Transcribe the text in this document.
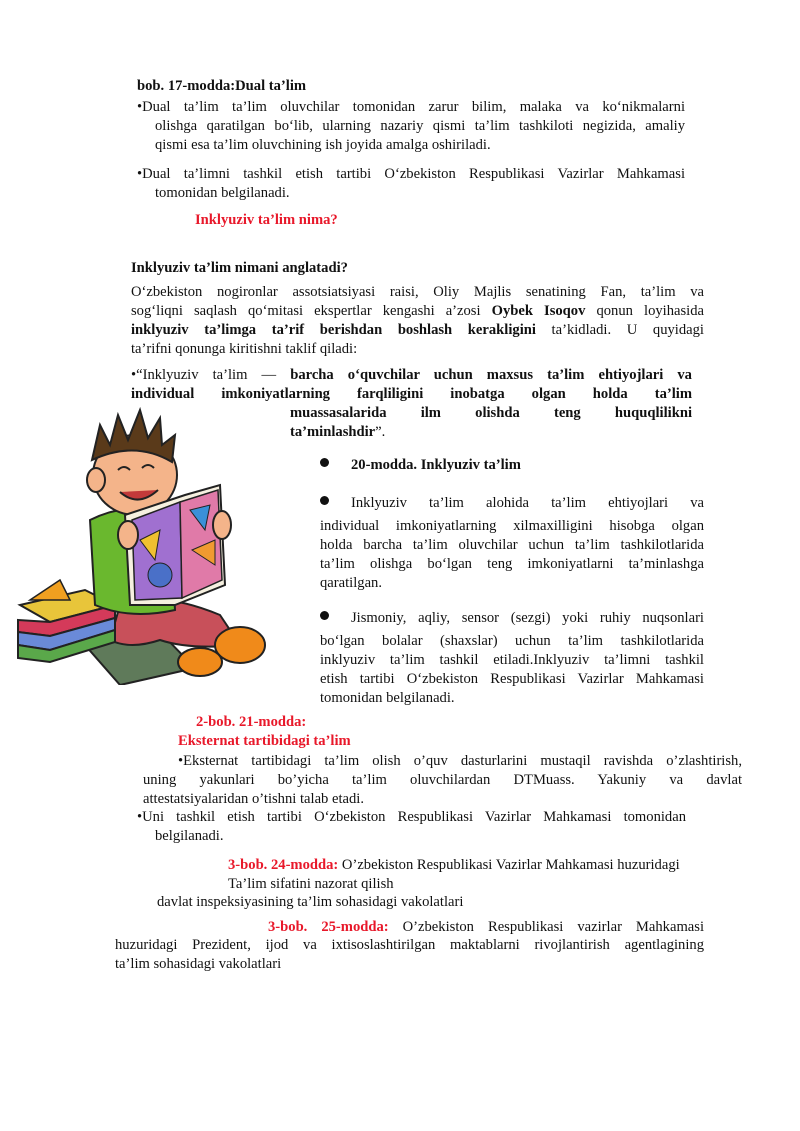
bob. 17-modda:Dual ta’lim
•Dual ta’lim ta’lim oluvchilar tomonidan zarur bilim, malaka va ko‘nikmalarni
olishga qaratilgan bo‘lib, ularning nazariy qismi ta’lim tashkiloti negizida, amaliy
qismi esa ta’lim oluvchining ish joyida amalga oshiriladi.
•Dual ta’limni tashkil etish tartibi O‘zbekiston Respublikasi Vazirlar Mahkamasi
tomonidan belgilanadi.
Inklyuziv ta’lim nima?
Inklyuziv ta’lim nimani anglatadi?
O‘zbekiston nogironlar assotsiatsiyasi raisi, Oliy Majlis senatining Fan, ta’lim va
sog‘liqni saqlash qo‘mitasi ekspertlar kengashi a’zosi Oybek Isoqov qonun loyihasida
inklyuziv ta’limga ta’rif berishdan boshlash kerakligini ta’kidladi. U quyidagi
ta’rifni qonunga kiritishni taklif qiladi:
•“Inklyuziv ta’lim — barcha o‘quvchilar uchun maxsus ta’lim ehtiyojlari va
individual imkoniyatlarning farqliligini inobatga olgan holda ta’lim
muassasalarida ilm olishda teng huquqlilikni
ta’minlashdir”.
20-modda. Inklyuziv ta’lim
Inklyuziv ta’lim alohida ta’lim ehtiyojlari va
individual imkoniyatlarning xilmaxilligini hisobga olgan
holda barcha ta’lim oluvchilar uchun ta’lim tashkilotlarida
ta’lim olishga bo‘lgan teng imkoniyatlarni ta’minlashga
qaratilgan.
Jismoniy, aqliy, sensor (sezgi) yoki ruhiy nuqsonlari
bo‘lgan bolalar (shaxslar) uchun ta’lim tashkilotlarida
inklyuziv ta’lim tashkil etiladi.Inklyuziv ta’limni tashkil
etish tartibi O‘zbekiston Respublikasi Vazirlar Mahkamasi
tomonidan belgilanadi.
2-bob. 21-modda:
Eksternat tartibidagi ta’lim
•Eksternat tartibidagi ta’lim olish o’quv dasturlarini mustaqil ravishda o’zlashtirish,
uning yakunlari bo’yicha ta’lim oluvchilardan DTMuass. Yakuniy va davlat
attestatsiyalaridan o’tishni talab etadi.
•Uni tashkil etish tartibi O‘zbekiston Respublikasi Vazirlar Mahkamasi tomonidan
belgilanadi.
3-bob. 24-modda: O’zbekiston Respublikasi Vazirlar Mahkamasi huzuridagi
Ta’lim sifatini nazorat qilish
davlat inspeksiyasining ta’lim sohasidagi vakolatlari
3-bob. 25-modda: O’zbekiston Respublikasi vazirlar Mahkamasi
huzuridagi Prezident, ijod va ixtisoslashtirilgan maktablarni rivojlantirish agentlagining
ta’lim sohasidagi vakolatlari
